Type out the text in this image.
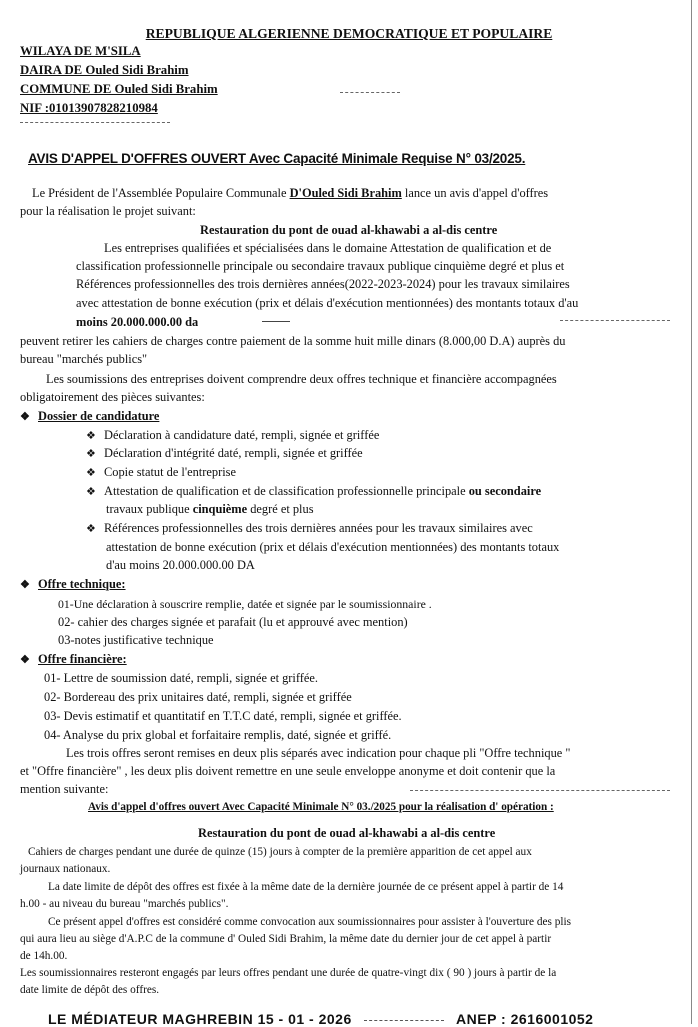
REPUBLIQUE ALGERIENNE DEMOCRATIQUE ET POPULAIRE
WILAYA DE M'SILA
DAIRA DE Ouled Sidi Brahim
COMMUNE DE Ouled Sidi Brahim
NIF :01013907828210984
AVIS D'APPEL D'OFFRES OUVERT Avec Capacité Minimale Requise N° 03/2025.
Le Président de l'Assemblée Populaire Communale D'Ouled Sidi Brahim lance un avis d'appel d'offres
pour la réalisation le projet suivant:
Restauration du pont de ouad al-khawabi a al-dis centre
Les entreprises qualifiées et spécialisées dans le domaine Attestation de qualification et de
classification professionnelle principale ou secondaire travaux publique cinquième degré et plus et
Références professionnelles des trois dernières années(2022-2023-2024) pour les travaux similaires
avec attestation de bonne exécution (prix et délais d'exécution mentionnées) des montants totaux d'au
moins 20.000.000.00 da
peuvent retirer les cahiers de charges contre paiement de la somme huit mille dinars (8.000,00 D.A) auprès du
bureau "marchés publics"
Les soumissions des entreprises doivent comprendre deux offres technique et financière accompagnées
obligatoirement des pièces suivantes:
❖ Dossier de candidature
❖ Déclaration à candidature daté, rempli, signée et griffée
❖ Déclaration d'intégrité daté, rempli, signée et griffée
❖ Copie statut de l'entreprise
❖ Attestation de qualification et de classification professionnelle principale ou secondaire
travaux publique cinquième degré et plus
❖ Références professionnelles des trois dernières années pour les travaux similaires avec
attestation de bonne exécution (prix et délais d'exécution mentionnées) des montants totaux
d'au moins 20.000.000.00 DA
❖ Offre technique:
01-Une déclaration à souscrire remplie, datée et signée par le soumissionnaire .
02- cahier des charges signée et parafait (lu et approuvé avec mention)
03-notes justificative technique
❖ Offre financière:
01- Lettre de soumission daté, rempli, signée et griffée.
02- Bordereau des prix unitaires daté, rempli, signée et griffée
03- Devis estimatif et quantitatif en T.T.C daté, rempli, signée et griffée.
04- Analyse du prix global et forfaitaire remplis, daté, signée et griffé.
Les trois offres seront remises en deux plis séparés avec indication pour chaque pli "Offre technique "
et "Offre financière" , les deux plis doivent remettre en une seule enveloppe anonyme et doit contenir que la
mention suivante:
Avis d'appel d'offres ouvert Avec Capacité Minimale N° 03./2025 pour la réalisation d' opération :
Restauration du pont de ouad al-khawabi a al-dis centre
Cahiers de charges pendant une durée de quinze (15) jours à compter de la première apparition de cet appel aux
journaux nationaux.
La date limite de dépôt des offres est fixée à la même date de la dernière journée de ce présent appel à partir de 14
h.00 - au niveau du bureau "marchés publics".
Ce présent appel d'offres est considéré comme convocation aux soumissionnaires pour assister à l'ouverture des plis
qui aura lieu au siège d'A.P.C de la commune d' Ouled Sidi Brahim, la même date du dernier jour de cet appel à partir
de 14h.00.
Les soumissionnaires resteront engagés par leurs offres pendant une durée de quatre-vingt dix ( 90 ) jours à partir de la
date limite de dépôt des offres.
LE MÉDIATEUR MAGHREBIN 15 - 01 - 2026	ANEP : 2616001052
